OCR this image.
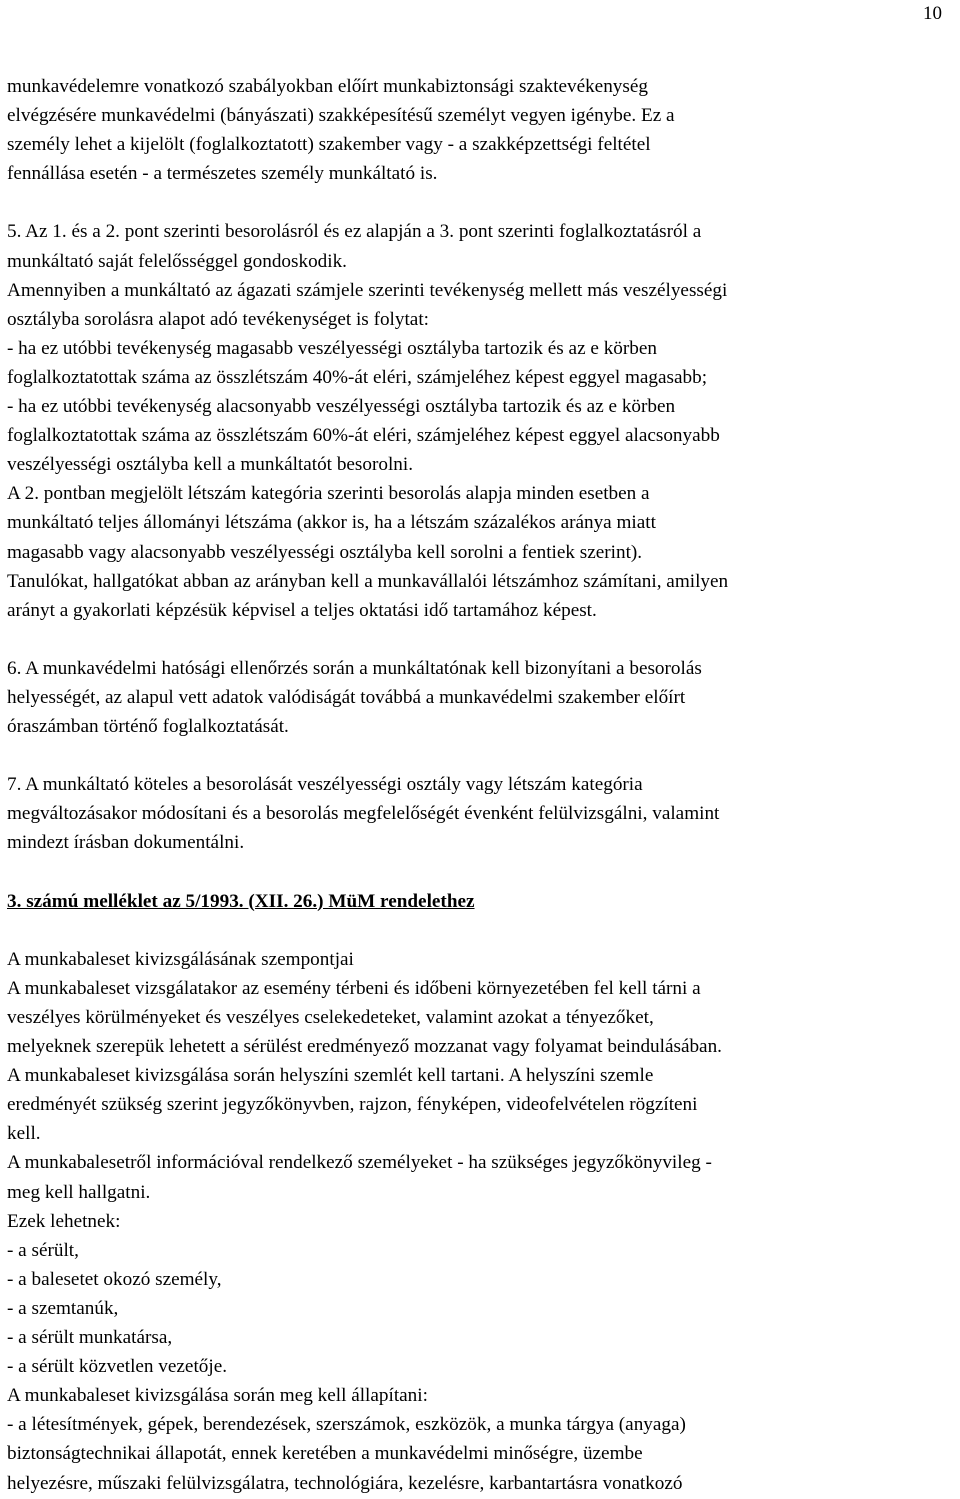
10
munkavédelemre vonatkozó szabályokban előírt munkabiztonsági szaktevékenység
elvégzésére munkavédelmi (bányászati) szakképesítésű személyt vegyen igénybe. Ez a
személy lehet a kijelölt (foglalkoztatott) szakember vagy - a szakképzettségi feltétel
fennállása esetén - a természetes személy munkáltató is.
5. Az 1. és a 2. pont szerinti besorolásról és ez alapján a 3. pont szerinti foglalkoztatásról a
munkáltató saját felelősséggel gondoskodik.
Amennyiben a munkáltató az ágazati számjele szerinti tevékenység mellett más veszélyességi
osztályba sorolásra alapot adó tevékenységet is folytat:
- ha ez utóbbi tevékenység magasabb veszélyességi osztályba tartozik és az e körben
foglalkoztatottak száma az összlétszám 40%-át eléri, számjeléhez képest eggyel magasabb;
- ha ez utóbbi tevékenység alacsonyabb veszélyességi osztályba tartozik és az e körben
foglalkoztatottak száma az összlétszám 60%-át eléri, számjeléhez képest eggyel alacsonyabb
veszélyességi osztályba kell a munkáltatót besorolni.
A 2. pontban megjelölt létszám kategória szerinti besorolás alapja minden esetben a
munkáltató teljes állományi létszáma (akkor is, ha a létszám százalékos aránya miatt
magasabb vagy alacsonyabb veszélyességi osztályba kell sorolni a fentiek szerint).
Tanulókat, hallgatókat abban az arányban kell a munkavállalói létszámhoz számítani, amilyen
arányt a gyakorlati képzésük képvisel a teljes oktatási idő tartamához képest.
6. A munkavédelmi hatósági ellenőrzés során a munkáltatónak kell bizonyítani a besorolás
helyességét, az alapul vett adatok valódiságát továbbá a munkavédelmi szakember előírt
óraszámban történő foglalkoztatását.
7. A munkáltató köteles a besorolását veszélyességi osztály vagy létszám kategória
megváltozásakor módosítani és a besorolás megfelelőségét évenként felülvizsgálni, valamint
mindezt írásban dokumentálni.
3. számú melléklet az 5/1993. (XII. 26.) MüM rendelethez
A munkabaleset kivizsgálásának szempontjai
A munkabaleset vizsgálatakor az esemény térbeni és időbeni környezetében fel kell tárni a
veszélyes körülményeket és veszélyes cselekedeteket, valamint azokat a tényezőket,
melyeknek szerepük lehetett a sérülést eredményező mozzanat vagy folyamat beindulásában.
A munkabaleset kivizsgálása során helyszíni szemlét kell tartani. A helyszíni szemle
eredményét szükség szerint jegyzőkönyvben, rajzon, fényképen, videofelvételen rögzíteni
kell.
A munkabalesetről információval rendelkező személyeket - ha szükséges jegyzőkönyvileg -
meg kell hallgatni.
Ezek lehetnek:
- a sérült,
- a balesetet okozó személy,
- a szemtanúk,
- a sérült munkatársa,
- a sérült közvetlen vezetője.
A munkabaleset kivizsgálása során meg kell állapítani:
- a létesítmények, gépek, berendezések, szerszámok, eszközök, a munka tárgya (anyaga)
biztonságtechnikai állapotát, ennek keretében a munkavédelmi minőségre, üzembe
helyezésre, műszaki felülvizsgálatra, technológiára, kezelésre, karbantartásra vonatkozó
